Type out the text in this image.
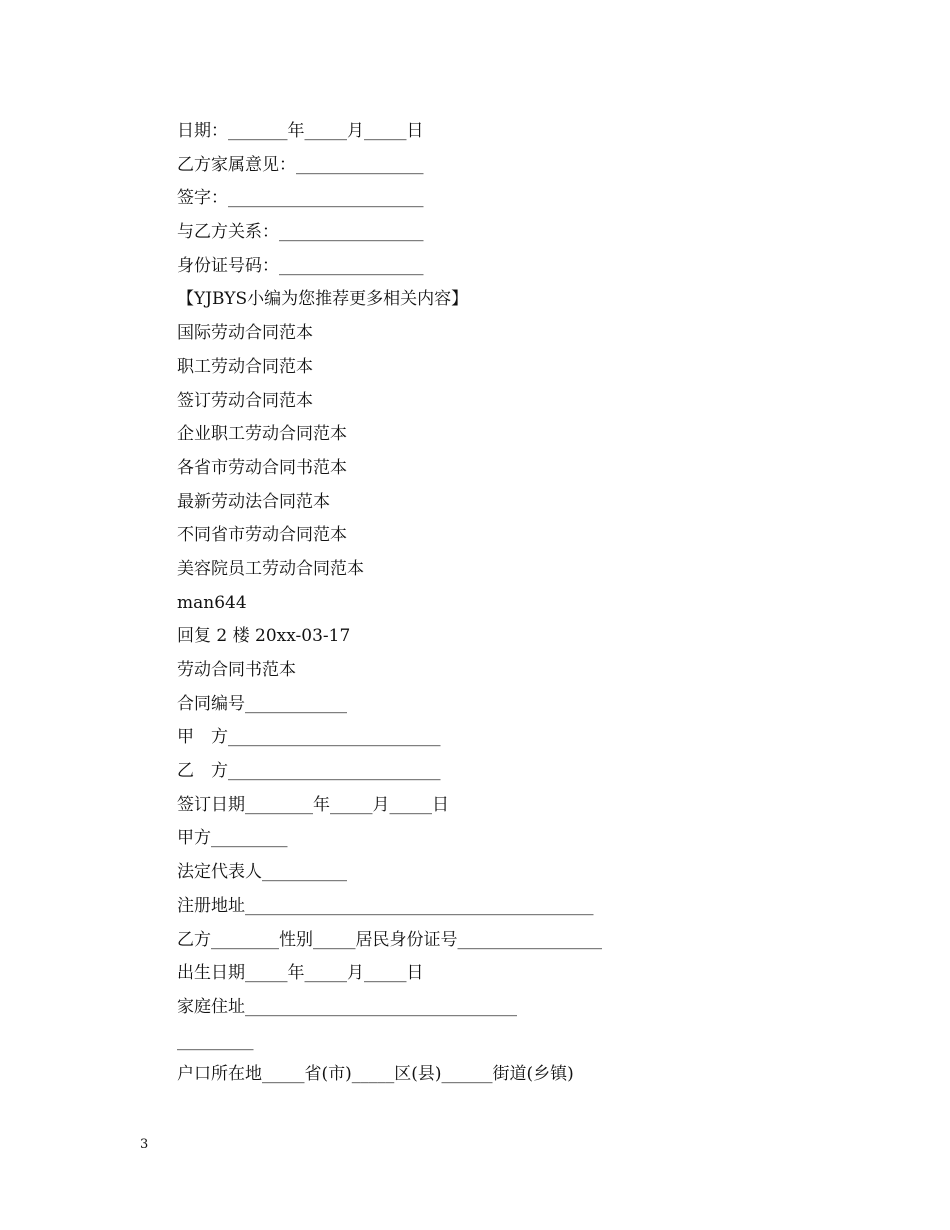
日期：_______年_____月_____日
乙方家属意见：_______________
签字：_______________________
与乙方关系：_________________
身份证号码：_________________
【YJBYS小编为您推荐更多相关内容】
国际劳动合同范本
职工劳动合同范本
签订劳动合同范本
企业职工劳动合同范本
各省市劳动合同书范本
最新劳动法合同范本
不同省市劳动合同范本
美容院员工劳动合同范本
man644
回复 2 楼 20xx-03-17
劳动合同书范本
合同编号____________
甲　方_________________________
乙　方_________________________
签订日期________年_____月_____日
甲方_________
法定代表人__________
注册地址_________________________________________
乙方________性别_____居民身份证号_________________
出生日期_____年_____月_____日
家庭住址________________________________
_________
户口所在地_____省(市)_____区(县)______街道(乡镇)
3
